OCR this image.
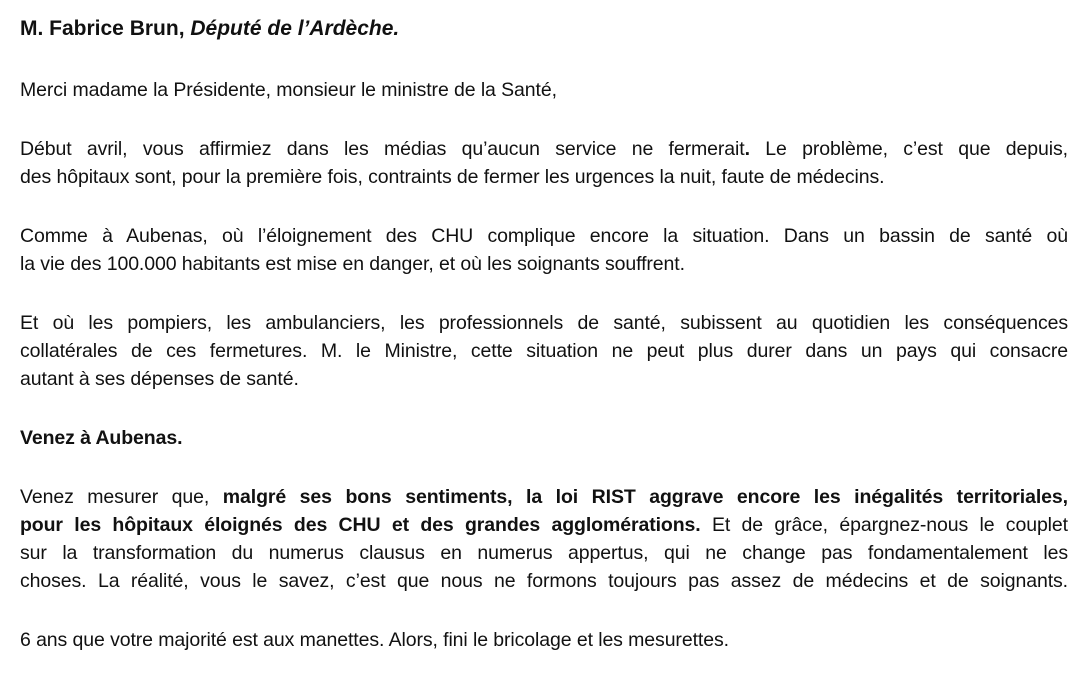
M. Fabrice Brun, Député de l’Ardèche.
Merci madame la Présidente, monsieur le ministre de la Santé,
Début avril, vous affirmiez dans les médias qu’aucun service ne fermerait. Le problème, c’est que depuis,
des hôpitaux sont, pour la première fois, contraints de fermer les urgences la nuit, faute de médecins.
Comme à Aubenas, où l’éloignement des CHU complique encore la situation. Dans un bassin de santé où
la vie des 100.000 habitants est mise en danger, et où les soignants souffrent.
Et où les pompiers, les ambulanciers, les professionnels de santé, subissent au quotidien les conséquences
collatérales de ces fermetures. M. le Ministre, cette situation ne peut plus durer dans un pays qui consacre
autant à ses dépenses de santé.
Venez à Aubenas.
Venez mesurer que, malgré ses bons sentiments, la loi RIST aggrave encore les inégalités territoriales,
pour les hôpitaux éloignés des CHU et des grandes agglomérations. Et de grâce, épargnez-nous le couplet
sur la transformation du numerus clausus en numerus appertus, qui ne change pas fondamentalement les
choses. La réalité, vous le savez, c’est que nous ne formons toujours pas assez de médecins et de soignants.
6 ans que votre majorité est aux manettes. Alors, fini le bricolage et les mesurettes.
